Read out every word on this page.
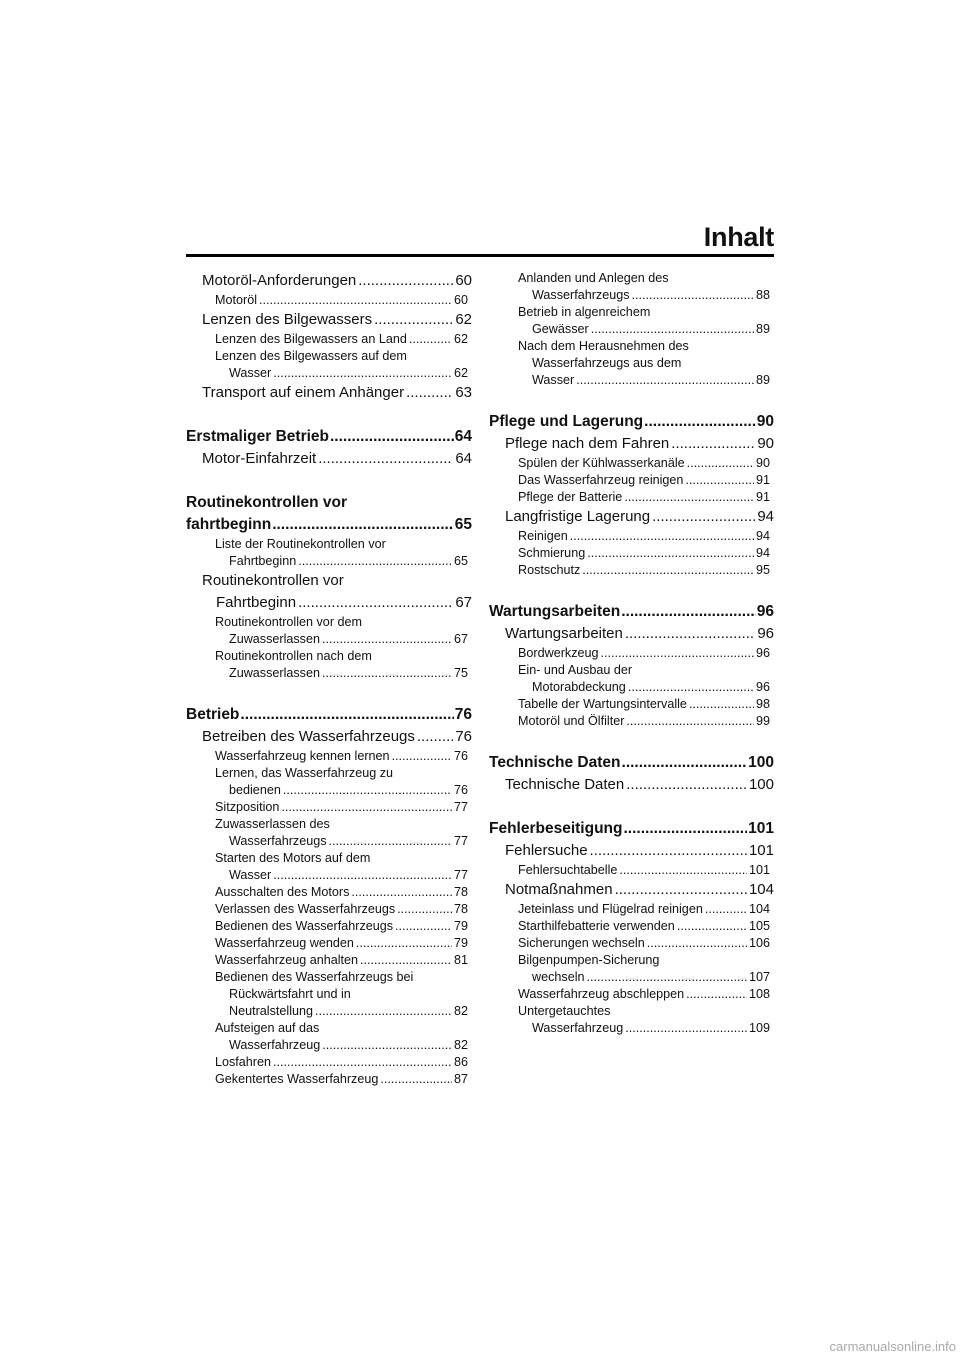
Inhalt
Motoröl-Anforderungen .....	60
Motoröl .....	60
Lenzen des Bilgewassers .....	62
Lenzen des Bilgewassers an Land .....	62
Lenzen des Bilgewassers auf dem
Wasser .....	62
Transport auf einem Anhänger .....	63
Erstmaliger Betrieb .....	64
Motor-Einfahrzeit .....	64
Routinekontrollen vor
fahrtbeginn .....	65
Liste der Routinekontrollen vor
Fahrtbeginn .....	65
Routinekontrollen vor
Fahrtbeginn .....	67
Routinekontrollen vor dem
Zuwasserlassen .....	67
Routinekontrollen nach dem
Zuwasserlassen .....	75
Betrieb .....	76
Betreiben des Wasserfahrzeugs .....	76
Wasserfahrzeug kennen lernen .....	76
Lernen, das Wasserfahrzeug zu
bedienen .....	76
Sitzposition .....	77
Zuwasserlassen des
Wasserfahrzeugs .....	77
Starten des Motors auf dem
Wasser .....	77
Ausschalten des Motors .....	78
Verlassen des Wasserfahrzeugs .....	78
Bedienen des Wasserfahrzeugs .....	79
Wasserfahrzeug wenden .....	79
Wasserfahrzeug anhalten .....	81
Bedienen des Wasserfahrzeugs bei
Rückwärtsfahrt und in
Neutralstellung .....	82
Aufsteigen auf das
Wasserfahrzeug .....	82
Losfahren .....	86
Gekentertes Wasserfahrzeug .....	87
Anlanden und Anlegen des
Wasserfahrzeugs .....	88
Betrieb in algenreichem
Gewässer .....	89
Nach dem Herausnehmen des
Wasserfahrzeugs aus dem
Wasser .....	89
Pflege und Lagerung .....	90
Pflege nach dem Fahren .....	90
Spülen der Kühlwasserkanäle .....	90
Das Wasserfahrzeug reinigen .....	91
Pflege der Batterie .....	91
Langfristige Lagerung .....	94
Reinigen .....	94
Schmierung .....	94
Rostschutz .....	95
Wartungsarbeiten .....	96
Wartungsarbeiten .....	96
Bordwerkzeug .....	96
Ein- und Ausbau der
Motorabdeckung .....	96
Tabelle der Wartungsintervalle .....	98
Motoröl und Ölfilter .....	99
Technische Daten .....	100
Technische Daten .....	100
Fehlerbeseitigung .....	101
Fehlersuche .....	101
Fehlersuchtabelle .....	101
Notmaßnahmen .....	104
Jeteinlass und Flügelrad reinigen .....	104
Starthilfebatterie verwenden .....	105
Sicherungen wechseln .....	106
Bilgenpumpen-Sicherung
wechseln .....	107
Wasserfahrzeug abschleppen .....	108
Untergetauchtes
Wasserfahrzeug .....	109
carmanualsonline.info
